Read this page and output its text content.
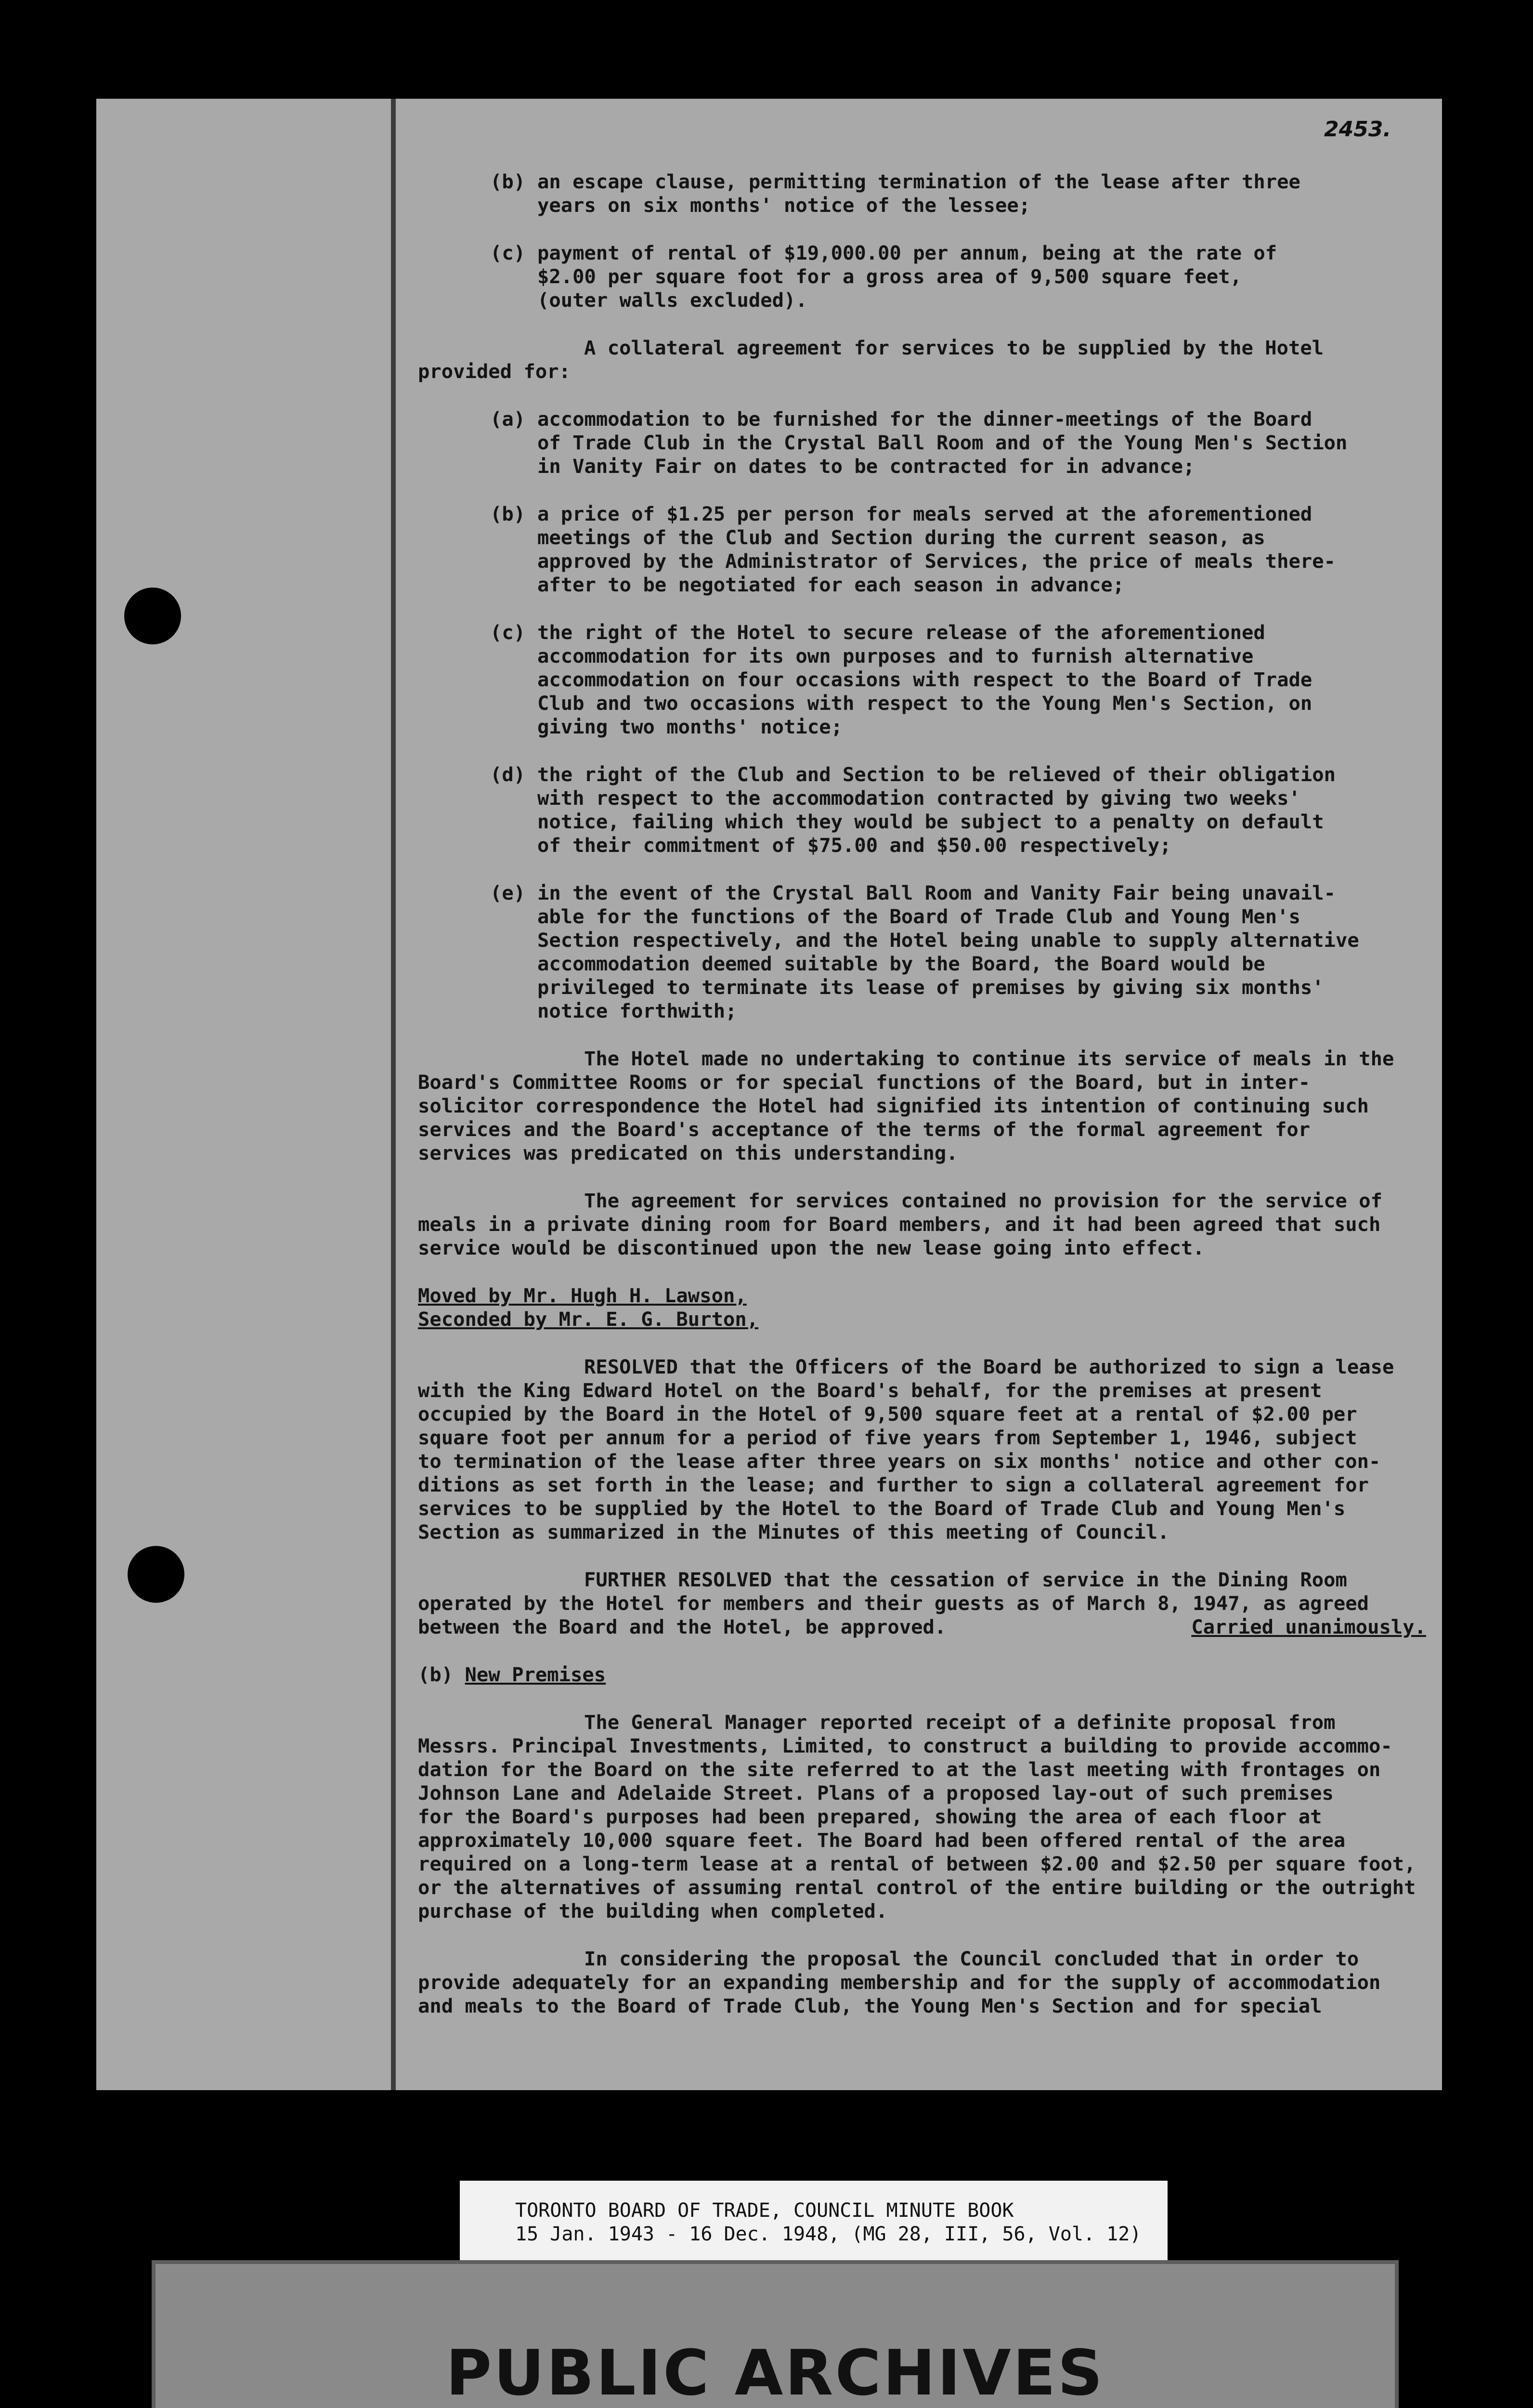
2453.
(b) an escape clause, permitting termination of the lease after three
years on six months' notice of the lessee;
(c) payment of rental of $19,000.00 per annum, being at the rate of
$2.00 per square foot for a gross area of 9,500 square feet,
(outer walls excluded).
A collateral agreement for services to be supplied by the Hotel
provided for:
(a) accommodation to be furnished for the dinner-meetings of the Board
of Trade Club in the Crystal Ball Room and of the Young Men's Section
in Vanity Fair on dates to be contracted for in advance;
(b) a price of $1.25 per person for meals served at the aforementioned
meetings of the Club and Section during the current season, as
approved by the Administrator of Services, the price of meals there-
after to be negotiated for each season in advance;
(c) the right of the Hotel to secure release of the aforementioned
accommodation for its own purposes and to furnish alternative
accommodation on four occasions with respect to the Board of Trade
Club and two occasions with respect to the Young Men's Section, on
giving two months' notice;
(d) the right of the Club and Section to be relieved of their obligation
with respect to the accommodation contracted by giving two weeks'
notice, failing which they would be subject to a penalty on default
of their commitment of $75.00 and $50.00 respectively;
(e) in the event of the Crystal Ball Room and Vanity Fair being unavail-
able for the functions of the Board of Trade Club and Young Men's
Section respectively, and the Hotel being unable to supply alternative
accommodation deemed suitable by the Board, the Board would be
privileged to terminate its lease of premises by giving six months'
notice forthwith;
The Hotel made no undertaking to continue its service of meals in the
Board's Committee Rooms or for special functions of the Board, but in inter-
solicitor correspondence the Hotel had signified its intention of continuing such
services and the Board's acceptance of the terms of the formal agreement for
services was predicated on this understanding.
The agreement for services contained no provision for the service of
meals in a private dining room for Board members, and it had been agreed that such
service would be discontinued upon the new lease going into effect.
Moved by Mr. Hugh H. Lawson,
Seconded by Mr. E. G. Burton,
RESOLVED that the Officers of the Board be authorized to sign a lease
with the King Edward Hotel on the Board's behalf, for the premises at present
occupied by the Board in the Hotel of 9,500 square feet at a rental of $2.00 per
square foot per annum for a period of five years from September 1, 1946, subject
to termination of the lease after three years on six months' notice and other con-
ditions as set forth in the lease; and further to sign a collateral agreement for
services to be supplied by the Hotel to the Board of Trade Club and Young Men's
Section as summarized in the Minutes of this meeting of Council.
FURTHER RESOLVED that the cessation of service in the Dining Room
operated by the Hotel for members and their guests as of March 8, 1947, as agreed
between the Board and the Hotel, be approved.	Carried unanimously.
(b) New Premises
The General Manager reported receipt of a definite proposal from
Messrs. Principal Investments, Limited, to construct a building to provide accommo-
dation for the Board on the site referred to at the last meeting with frontages on
Johnson Lane and Adelaide Street. Plans of a proposed lay-out of such premises
for the Board's purposes had been prepared, showing the area of each floor at
approximately 10,000 square feet. The Board had been offered rental of the area
required on a long-term lease at a rental of between $2.00 and $2.50 per square foot,
or the alternatives of assuming rental control of the entire building or the outright
purchase of the building when completed.
In considering the proposal the Council concluded that in order to
provide adequately for an expanding membership and for the supply of accommodation
and meals to the Board of Trade Club, the Young Men's Section and for special
TORONTO BOARD OF TRADE, COUNCIL MINUTE BOOK
15 Jan. 1943 - 16 Dec. 1948, (MG 28, III, 56, Vol. 12)
PUBLIC ARCHIVES
